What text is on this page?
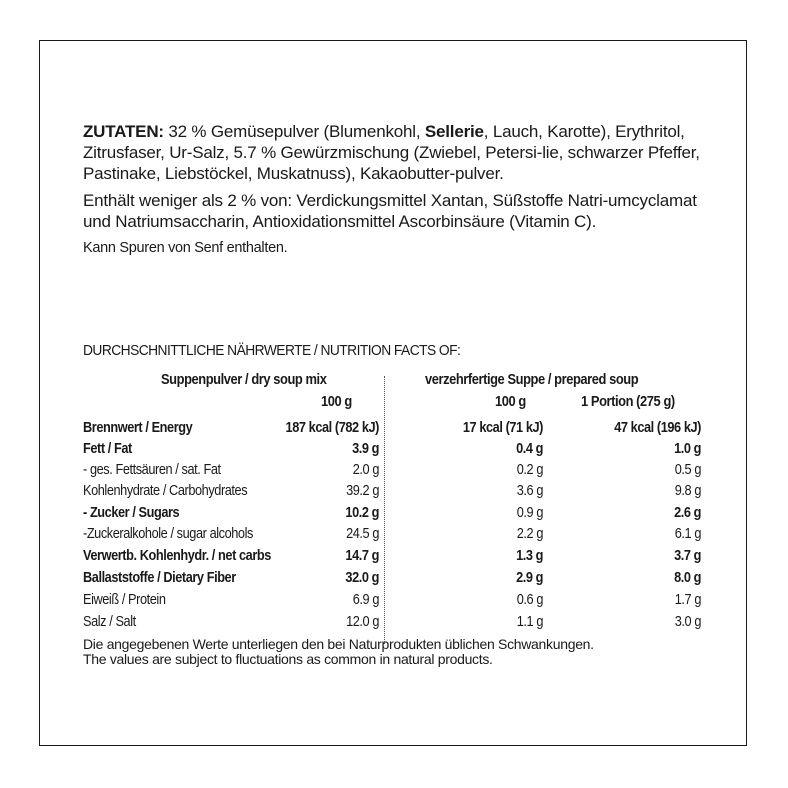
ZUTATEN: 32 % Gemüsepulver (Blumenkohl, Sellerie, Lauch, Karotte), Erythritol, Zitrusfaser, Ur-Salz, 5.7 % Gewürzmischung (Zwiebel, Petersi-lie, schwarzer Pfeffer, Pastinake, Liebstöckel, Muskatnuss), Kakaobutter-pulver.

Enthält weniger als 2 % von: Verdickungsmittel Xantan, Süßstoffe Natri-umcyclamat und Natriumsaccharin, Antioxidationsmittel Ascorbinsäure (Vitamin C).

Kann Spuren von Senf enthalten.
DURCHSCHNITTLICHE NÄHRWERTE / NUTRITION FACTS OF:
Suppenpulver / dry soup mix
100 g
verzehrfertige Suppe / prepared soup
100 g	1 Portion (275 g)
Brennwert / Energy	187 kcal (782 kJ)	17 kcal (71 kJ)	47 kcal (196 kJ)
Fett / Fat	3.9 g	0.4 g	1.0 g
- ges. Fettsäuren / sat. Fat	2.0 g	0.2 g	0.5 g
Kohlenhydrate / Carbohydrates	39.2 g	3.6 g	9.8 g
- Zucker / Sugars	10.2 g	0.9 g	2.6 g
-Zuckeralkohole / sugar alcohols	24.5 g	2.2 g	6.1 g
Verwertb. Kohlenhydr. / net carbs	14.7 g	1.3 g	3.7 g
Ballaststoffe / Dietary Fiber	32.0 g	2.9 g	8.0 g
Eiweiß / Protein	6.9 g	0.6 g	1.7 g
Salz / Salt	12.0 g	1.1 g	3.0 g
Die angegebenen Werte unterliegen den bei Naturprodukten üblichen Schwankungen.
The values are subject to fluctuations as common in natural products.
